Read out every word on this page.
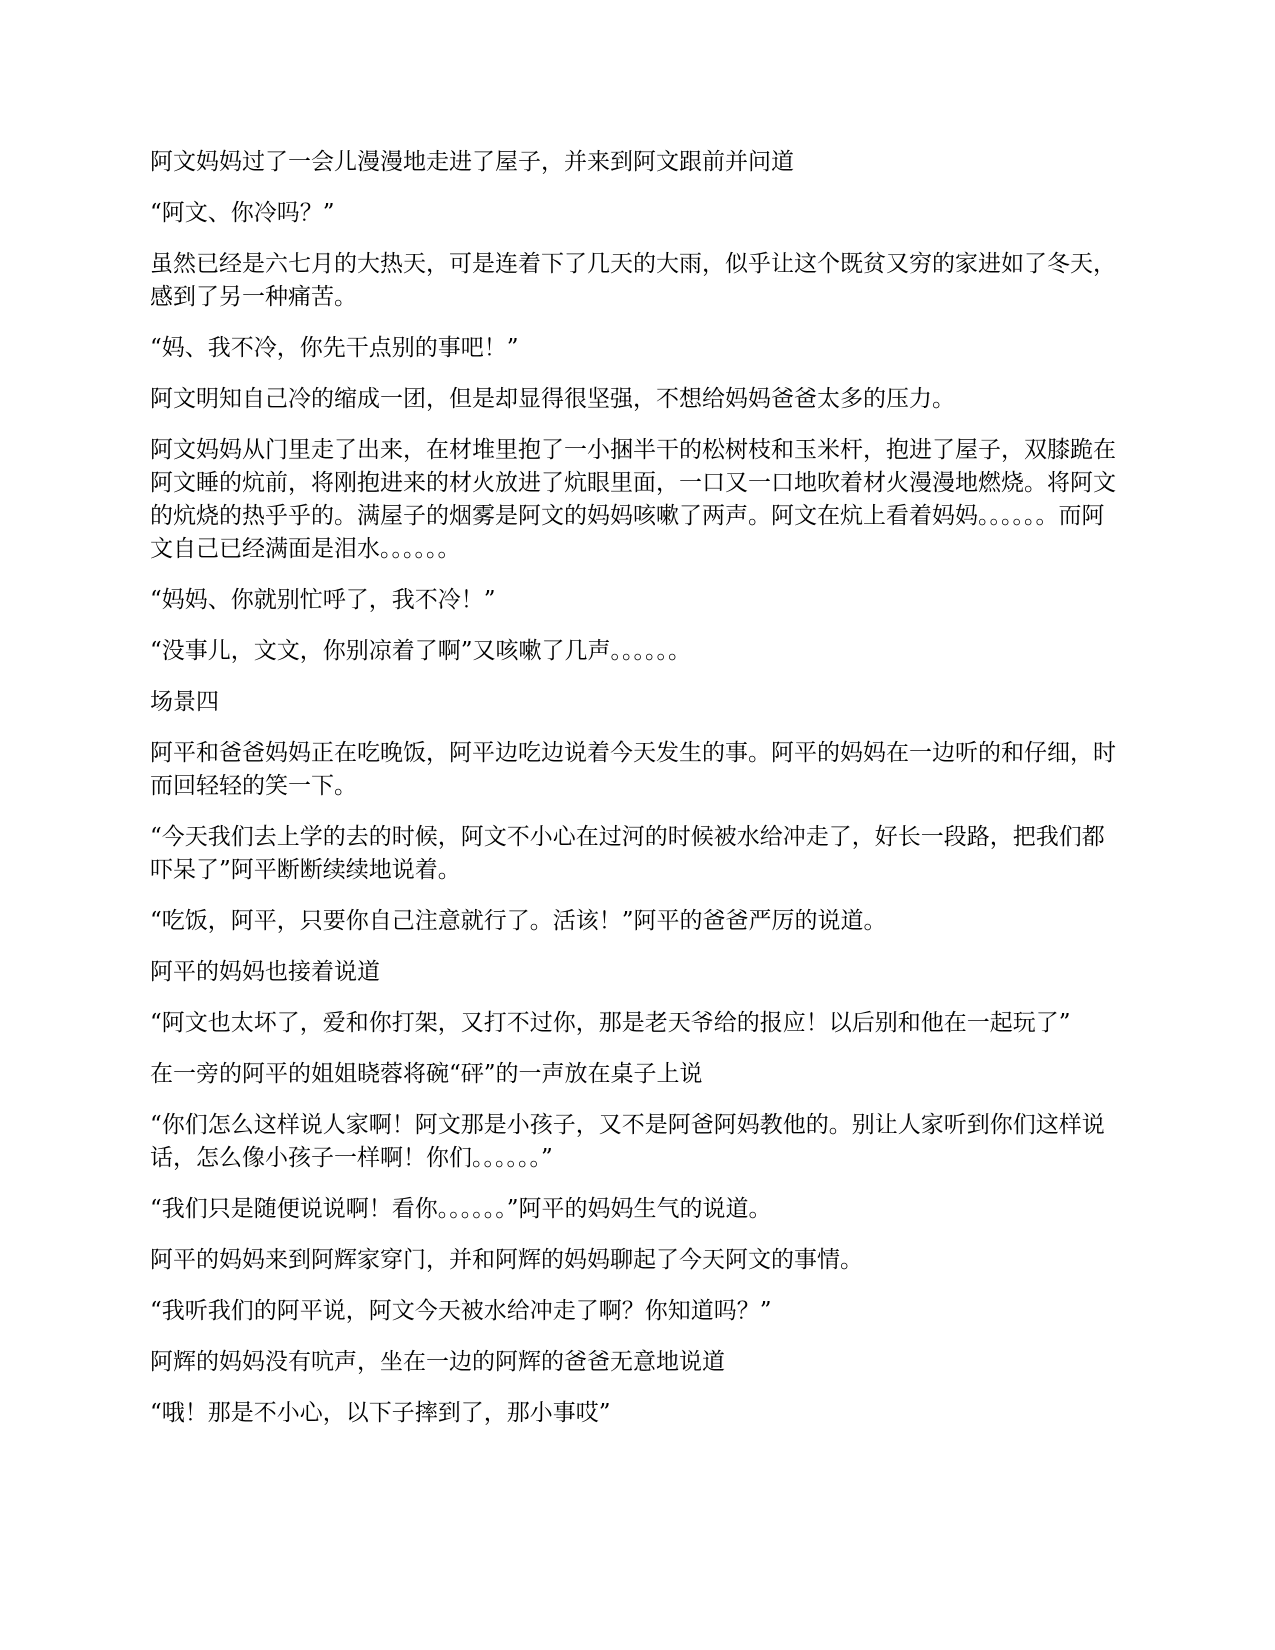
阿文妈妈过了一会儿漫漫地走进了屋子，并来到阿文跟前并问道

“阿文、你冷吗？”

虽然已经是六七月的大热天，可是连着下了几天的大雨，似乎让这个既贫又穷的家进如了冬天，感到了另一种痛苦。

“妈、我不冷，你先干点别的事吧！”

阿文明知自己冷的缩成一团，但是却显得很坚强，不想给妈妈爸爸太多的压力。

阿文妈妈从门里走了出来，在材堆里抱了一小捆半干的松树枝和玉米杆，抱进了屋子，双膝跪在阿文睡的炕前，将刚抱进来的材火放进了炕眼里面，一口又一口地吹着材火漫漫地燃烧。将阿文的炕烧的热乎乎的。满屋子的烟雾是阿文的妈妈咳嗽了两声。阿文在炕上看着妈妈。。。。。。而阿文自己已经满面是泪水。。。。。。

“妈妈、你就别忙呼了，我不冷！”

“没事儿，文文，你别凉着了啊”又咳嗽了几声。。。。。。

场景四

阿平和爸爸妈妈正在吃晚饭，阿平边吃边说着今天发生的事。阿平的妈妈在一边听的和仔细，时而回轻轻的笑一下。

“今天我们去上学的去的时候，阿文不小心在过河的时候被水给冲走了，好长一段路，把我们都吓呆了”阿平断断续续地说着。

“吃饭，阿平，只要你自己注意就行了。活该！”阿平的爸爸严厉的说道。

阿平的妈妈也接着说道

“阿文也太坏了，爱和你打架，又打不过你，那是老天爷给的报应！以后别和他在一起玩了”

在一旁的阿平的姐姐晓蓉将碗“砰”的一声放在桌子上说

“你们怎么这样说人家啊！阿文那是小孩子，又不是阿爸阿妈教他的。别让人家听到你们这样说话，怎么像小孩子一样啊！你们。。。。。。”

“我们只是随便说说啊！看你。。。。。。”阿平的妈妈生气的说道。

阿平的妈妈来到阿辉家穿门，并和阿辉的妈妈聊起了今天阿文的事情。

“我听我们的阿平说，阿文今天被水给冲走了啊？你知道吗？”

阿辉的妈妈没有吭声，坐在一边的阿辉的爸爸无意地说道

“哦！那是不小心，以下子摔到了，那小事哎”
